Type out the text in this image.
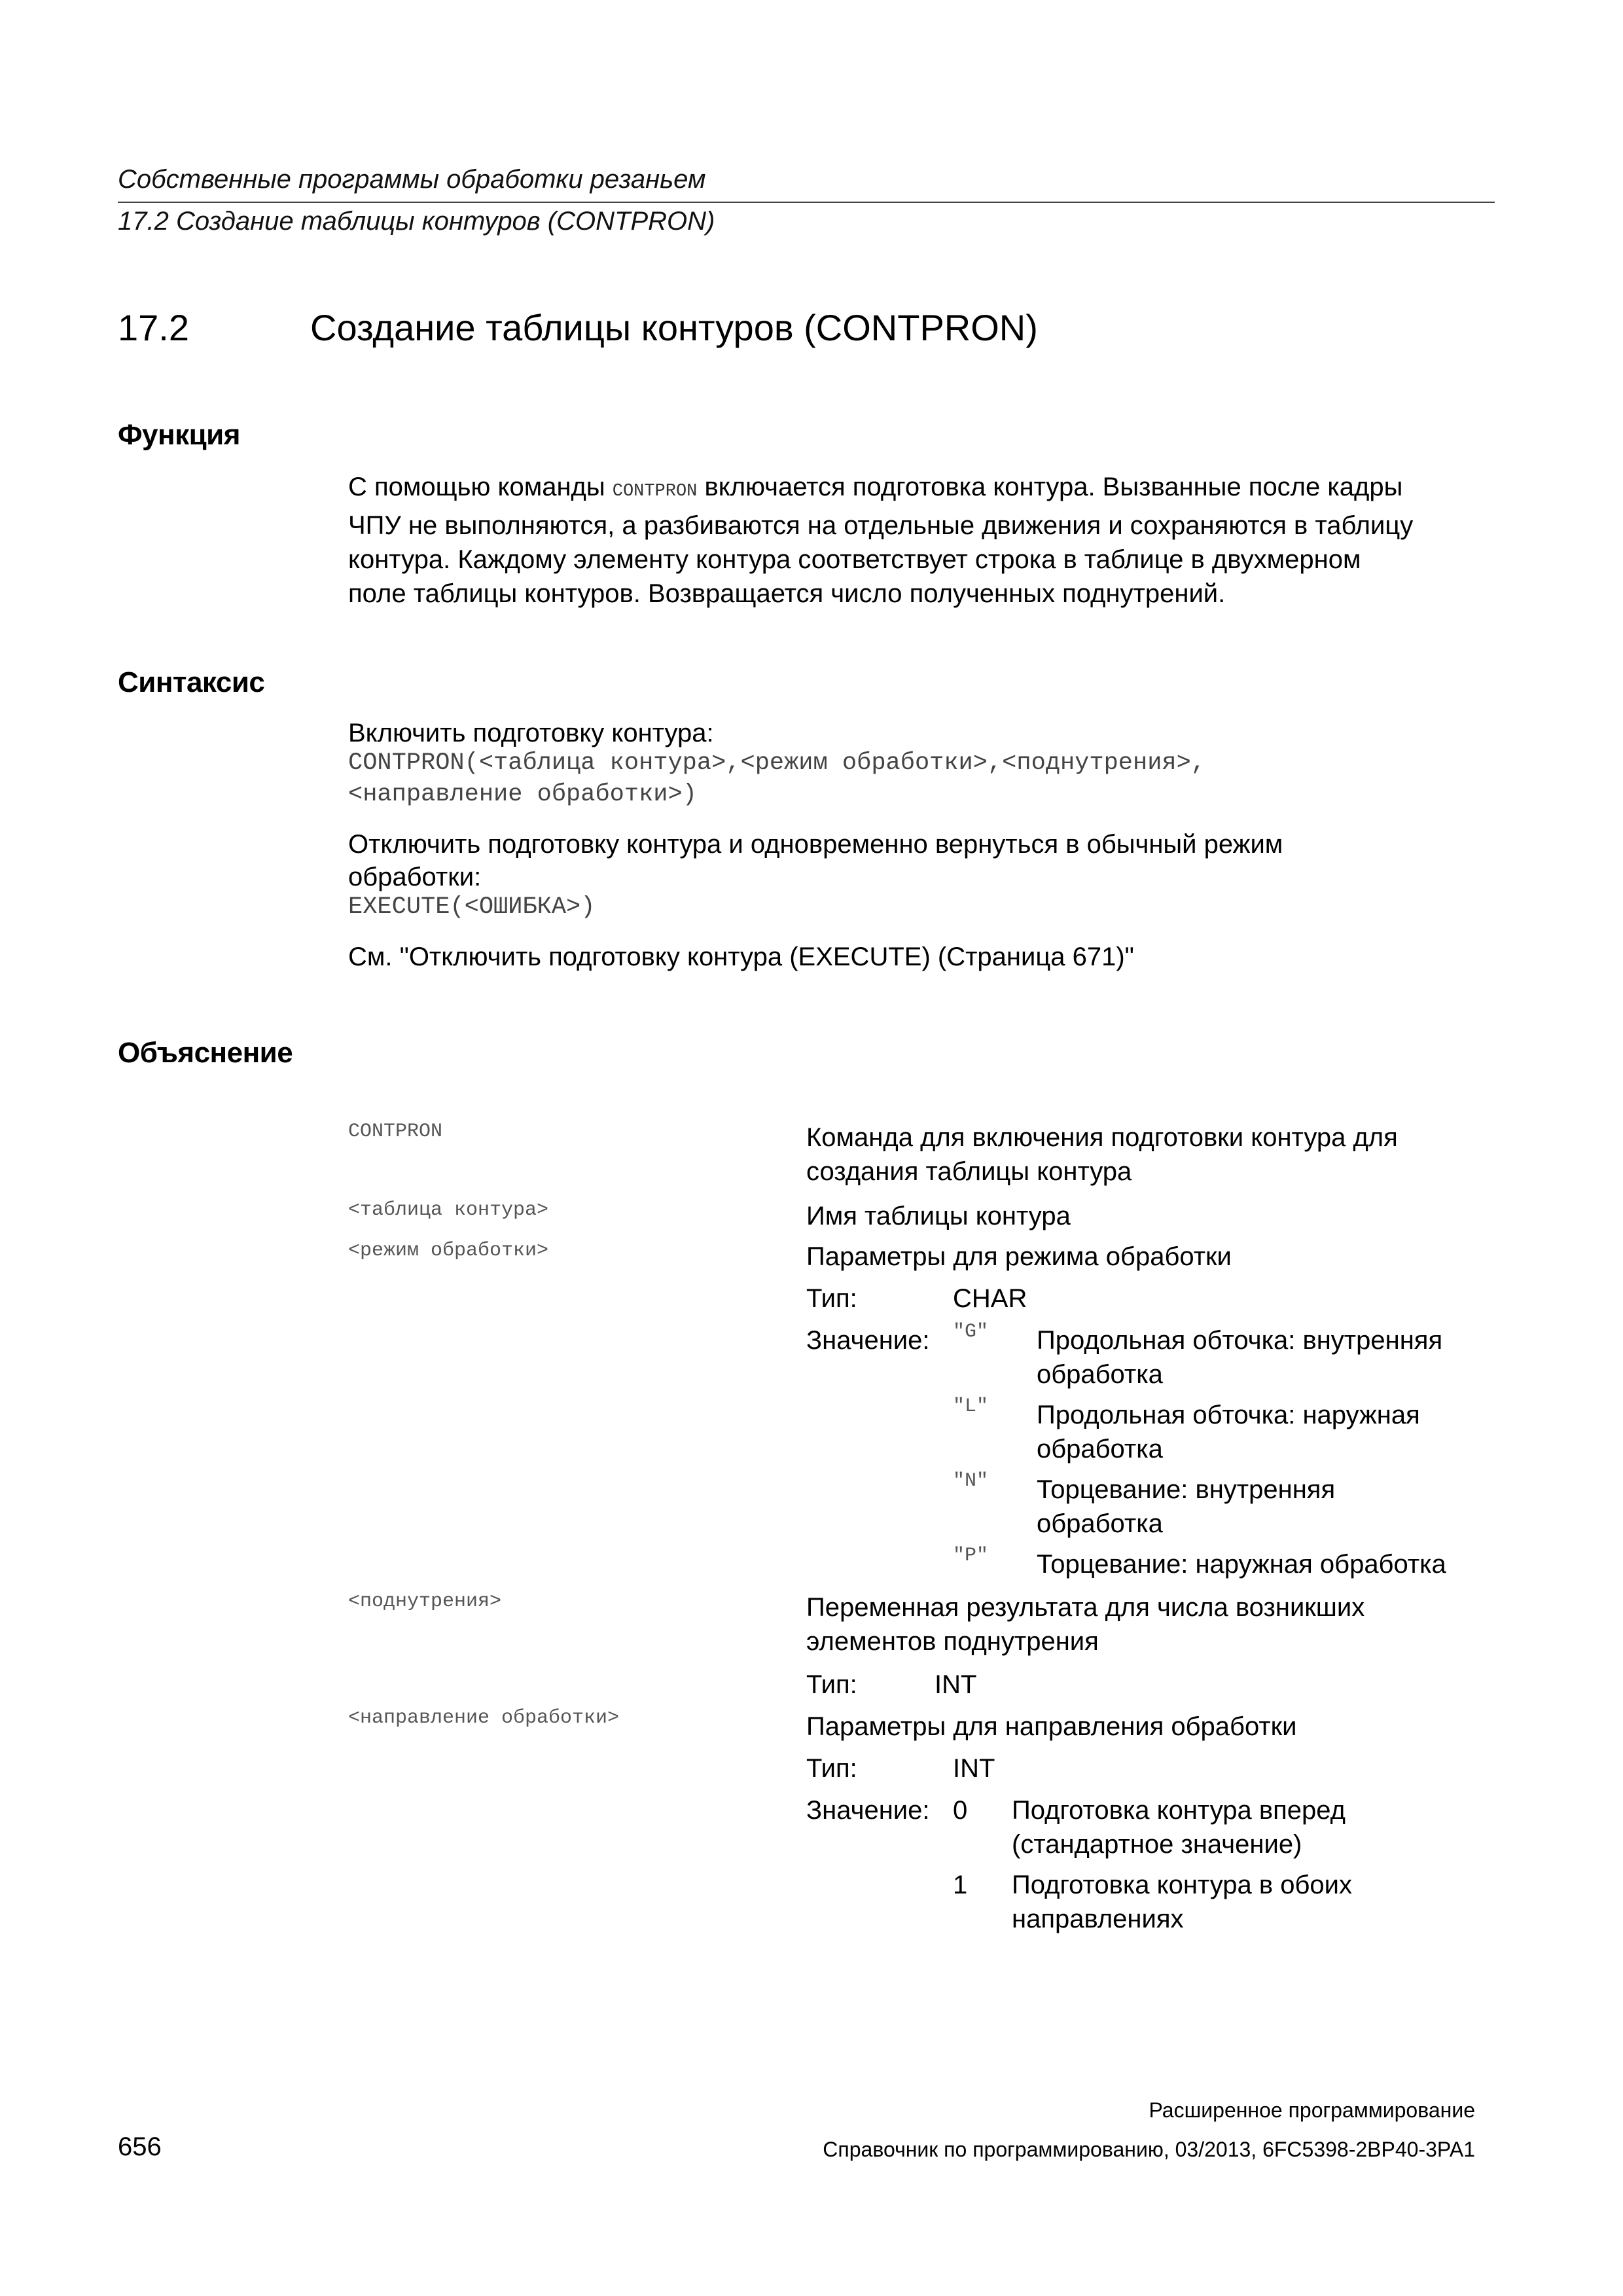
Собственные программы обработки резаньем
17.2 Создание таблицы контуров (CONTPRON)
17.2	Создание таблицы контуров (CONTPRON)
Функция
С помощью команды CONTPRON включается подготовка контура. Вызванные после кадры
ЧПУ не выполняются, а разбиваются на отдельные движения и сохраняются в таблицу
контура. Каждому элементу контура соответствует строка в таблице в двухмерном
поле таблицы контуров. Возвращается число полученных поднутрений.
Синтаксис
Включить подготовку контура:
CONTPRON(<таблица контура>,<режим обработки>,<поднутрения>,
<направление обработки>)
Отключить подготовку контура и одновременно вернуться в обычный режим
обработки:
EXECUTE(<ОШИБКА>)
См. "Отключить подготовку контура (EXECUTE) (Страница 671)"
Объяснение
CONTPRON	Команда для включения подготовки контура для
создания таблицы контура
<таблица контура>	Имя таблицы контура
<режим обработки>	Параметры для режима обработки
Тип:	CHAR
Значение: "G" Продольная обточка: внутренняя
обработка
"L" Продольная обточка: наружная
обработка
"N" Торцевание: внутренняя
обработка
"P" Торцевание: наружная обработка
<поднутрения>	Переменная результата для числа возникших
элементов поднутрения
Тип:	INT
<направление обработки>	Параметры для направления обработки
Тип:	INT
Значение: 0 Подготовка контура вперед
(стандартное значение)
1 Подготовка контура в обоих
направлениях
Расширенное программирование
656	Справочник по программированию, 03/2013, 6FC5398-2BP40-3PA1
